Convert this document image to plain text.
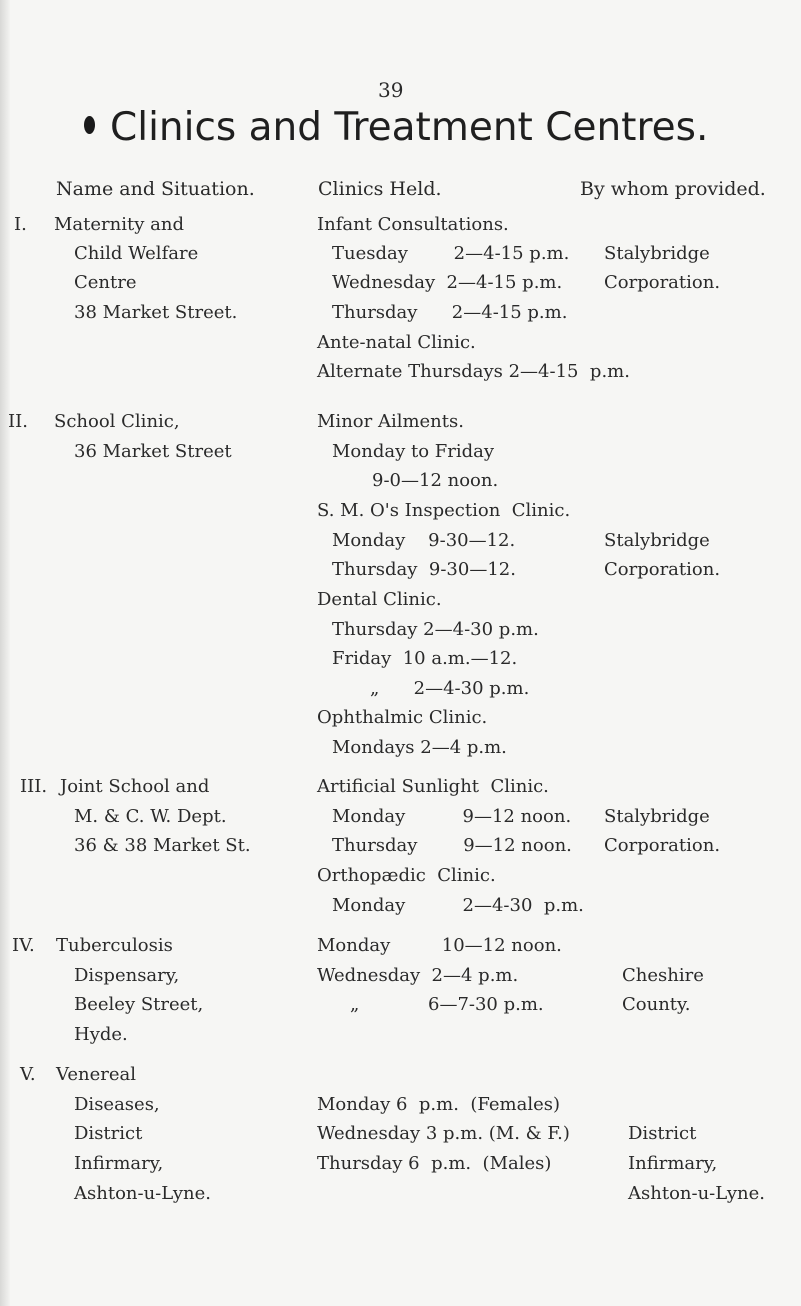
39
Clinics and Treatment Centres.
Name and Situation.	Clinics Held.	By whom provided.
I. Maternity and
Child Welfare
Centre
38 Market Street.
Infant Consultations.
Tuesday        2—4-15 p.m.
Wednesday  2—4-15 p.m.
Thursday      2—4-15 p.m.
Ante-natal Clinic.
Alternate Thursdays 2—4-15  p.m.
Stalybridge
Corporation.
II. School Clinic,
36 Market Street
Minor Ailments.
Monday to Friday
9-0—12 noon.
S. M. O's Inspection  Clinic.
Monday    9-30—12.
Thursday  9-30—12.
Dental Clinic.
Thursday 2—4-30 p.m.
Friday  10 a.m.—12.
„      2—4-30 p.m.
Ophthalmic Clinic.
Mondays 2—4 p.m.
Stalybridge
Corporation.
III. Joint School and
M. & C. W. Dept.
36 & 38 Market St.
Artificial Sunlight  Clinic.
Monday          9—12 noon.
Thursday        9—12 noon.
Orthopædic  Clinic.
Monday          2—4-30  p.m.
Stalybridge
Corporation.
IV. Tuberculosis
Dispensary,
Beeley Street,
Hyde.
Monday         10—12 noon.
Wednesday  2—4 p.m.
„            6—7-30 p.m.
Cheshire
County.
V. Venereal
Diseases,
District
Infirmary,
Ashton-u-Lyne.
Monday 6  p.m.  (Females)
Wednesday 3 p.m. (M. & F.)
Thursday 6  p.m.  (Males)
District
Infirmary,
Ashton-u-Lyne.
